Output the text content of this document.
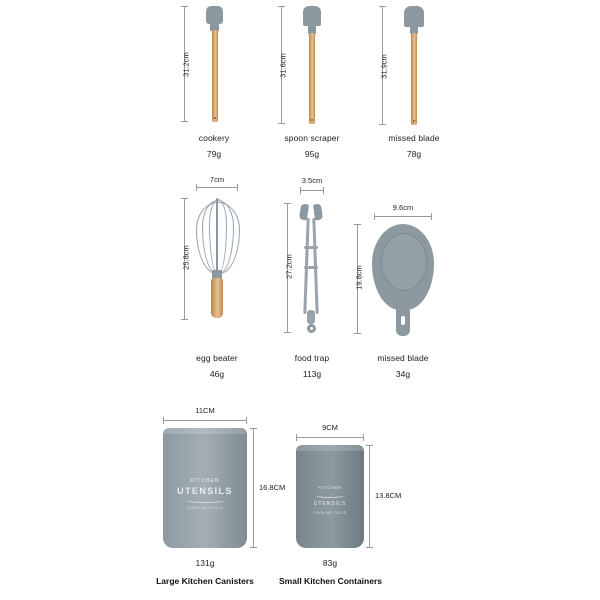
31.2cm
cookery
79g
31.6cm
spoon scraper
95g
31.9cm
missed blade
78g
7cm
25.8cm
egg beater
46g
3.5cm
27.2cm
food trap
113g
9.6cm
19.8cm
missed blade
34g
11CM
KITCHEN
UTENSILS
COOKING TOOLS
16.8CM
131g
Large Kitchen Canisters
9CM
KITCHEN
UTENSILS
COOKING TOOLS
13.8CM
83g
Small Kitchen Containers
